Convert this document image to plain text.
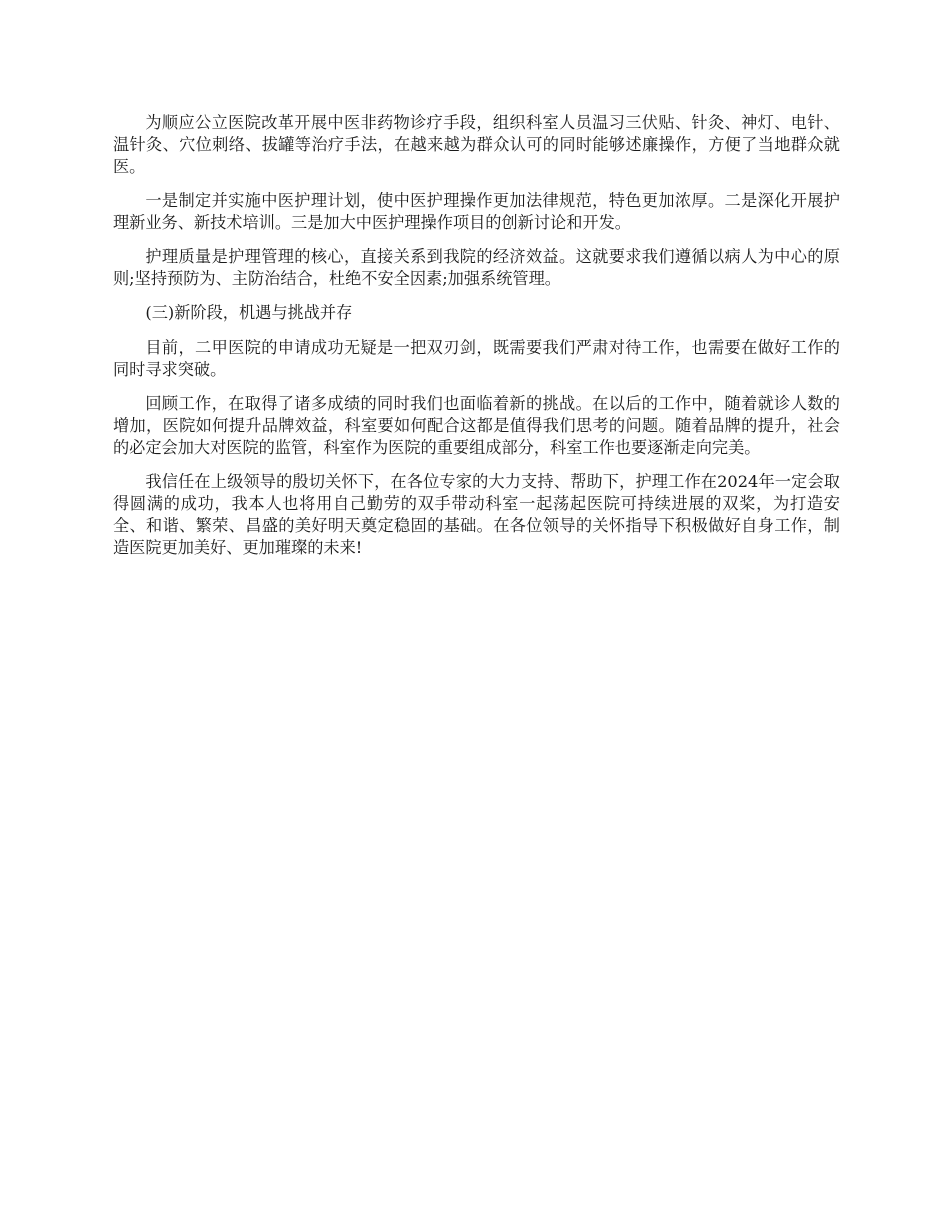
为顺应公立医院改革开展中医非药物诊疗手段，组织科室人员温习三伏贴、针灸、神灯、电针、温针灸、穴位刺络、拔罐等治疗手法，在越来越为群众认可的同时能够述廉操作，方便了当地群众就医。

一是制定并实施中医护理计划，使中医护理操作更加法律规范，特色更加浓厚。二是深化开展护理新业务、新技术培训。三是加大中医护理操作项目的创新讨论和开发。

护理质量是护理管理的核心，直接关系到我院的经济效益。这就要求我们遵循以病人为中心的原则;坚持预防为、主防治结合，杜绝不安全因素;加强系统管理。

(三)新阶段，机遇与挑战并存

目前，二甲医院的申请成功无疑是一把双刃剑，既需要我们严肃对待工作，也需要在做好工作的同时寻求突破。

回顾工作，在取得了诸多成绩的同时我们也面临着新的挑战。在以后的工作中，随着就诊人数的增加，医院如何提升品牌效益，科室要如何配合这都是值得我们思考的问题。随着品牌的提升，社会的必定会加大对医院的监管，科室作为医院的重要组成部分，科室工作也要逐渐走向完美。

我信任在上级领导的殷切关怀下，在各位专家的大力支持、帮助下，护理工作在2024年一定会取得圆满的成功，我本人也将用自己勤劳的双手带动科室一起荡起医院可持续进展的双桨，为打造安全、和谐、繁荣、昌盛的美好明天奠定稳固的基础。在各位领导的关怀指导下积极做好自身工作，制造医院更加美好、更加璀璨的未来!
